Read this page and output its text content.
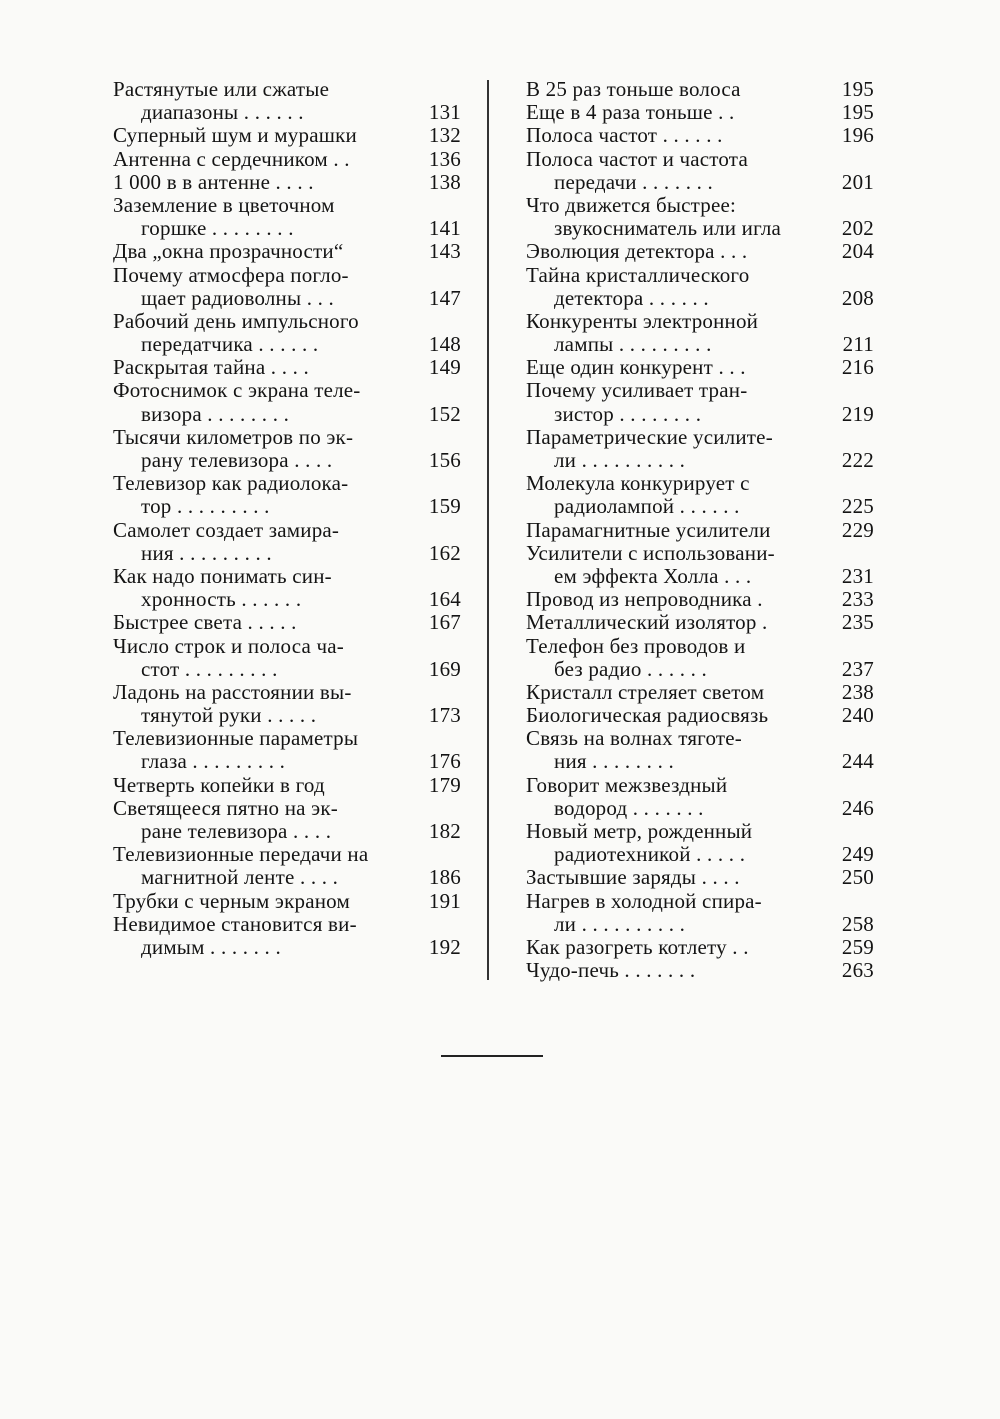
Растянутые или сжатые
диапазоны . . . . . .	131
Суперный шум и мурашки	132
Антенна с сердечником . .	136
1 000 в в антенне . . . .	138
Заземление в цветочном
горшке . . . . . . . .	141
Два „окна прозрачности“	143
Почему атмосфера погло-
щает радиоволны . . .	147
Рабочий день импульсного
передатчика . . . . . .	148
Раскрытая тайна . . . .	149
Фотоснимок с экрана теле-
визора . . . . . . . .	152
Тысячи километров по эк-
рану телевизора . . . .	156
Телевизор как радиолока-
тор . . . . . . . . .	159
Самолет создает замира-
ния . . . . . . . . .	162
Как надо понимать син-
хронность . . . . . .	164
Быстрее света . . . . .	167
Число строк и полоса ча-
стот . . . . . . . . .	169
Ладонь на расстоянии вы-
тянутой руки . . . . .	173
Телевизионные параметры
глаза . . . . . . . . .	176
Четверть копейки в год	179
Светящееся пятно на эк-
ране телевизора . . . .	182
Телевизионные передачи на
магнитной ленте . . . .	186
Трубки с черным экраном	191
Невидимое становится ви-
димым . . . . . . .	192
В 25 раз тоньше волоса	195
Еще в 4 раза тоньше . .	195
Полоса частот . . . . . .	196
Полоса частот и частота
передачи . . . . . . .	201
Что движется быстрее:
звукосниматель или игла	202
Эволюция детектора . . .	204
Тайна кристаллического
детектора . . . . . .	208
Конкуренты электронной
лампы . . . . . . . . .	211
Еще один конкурент . . .	216
Почему усиливает тран-
зистор . . . . . . . .	219
Параметрические усилите-
ли . . . . . . . . . .	222
Молекула конкурирует с
радиолампой . . . . . .	225
Парамагнитные усилители	229
Усилители с использовани-
ем эффекта Холла . . .	231
Провод из непроводника .	233
Металлический изолятор .	235
Телефон без проводов и
без радио . . . . . .	237
Кристалл стреляет светом	238
Биологическая радиосвязь	240
Связь на волнах тяготе-
ния . . . . . . . .	244
Говорит межзвездный
водород . . . . . . .	246
Новый метр, рожденный
радиотехникой . . . . .	249
Застывшие заряды . . . .	250
Нагрев в холодной спира-
ли . . . . . . . . . .	258
Как разогреть котлету . .	259
Чудо-печь . . . . . . .	263
